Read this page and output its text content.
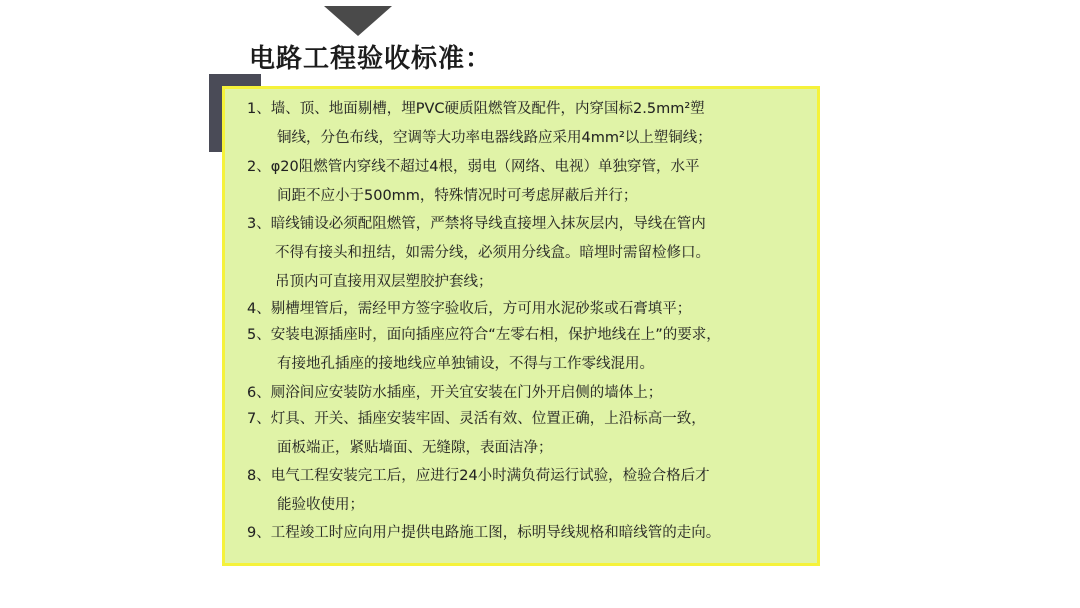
电路工程验收标准：
1、墙、顶、地面剔槽，埋PVC硬质阻燃管及配件，内穿国标2.5mm²塑
铜线，分色布线，空调等大功率电器线路应采用4mm²以上塑铜线；
2、φ20阻燃管内穿线不超过4根，弱电（网络、电视）单独穿管，水平
间距不应小于500mm，特殊情况时可考虑屏蔽后并行；
3、暗线铺设必须配阻燃管，严禁将导线直接埋入抹灰层内，导线在管内
不得有接头和扭结，如需分线，必须用分线盒。暗埋时需留检修口。
吊顶内可直接用双层塑胶护套线；
4、剔槽埋管后，需经甲方签字验收后，方可用水泥砂浆或石膏填平；
5、安装电源插座时，面向插座应符合“左零右相，保护地线在上”的要求，
有接地孔插座的接地线应单独铺设，不得与工作零线混用。
6、厕浴间应安装防水插座，开关宜安装在门外开启侧的墙体上；
7、灯具、开关、插座安装牢固、灵活有效、位置正确，上沿标高一致，
面板端正，紧贴墙面、无缝隙，表面洁净；
8、电气工程安装完工后，应进行24小时满负荷运行试验，检验合格后才
能验收使用；
9、工程竣工时应向用户提供电路施工图，标明导线规格和暗线管的走向。
